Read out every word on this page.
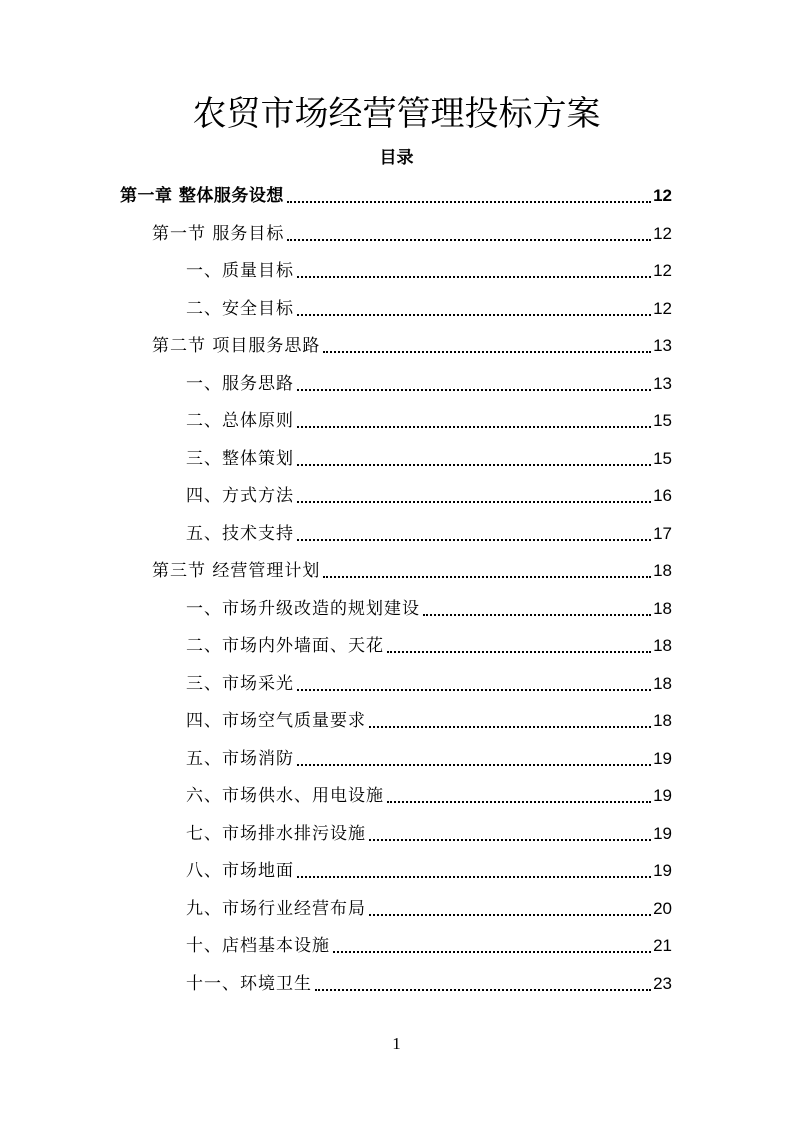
农贸市场经营管理投标方案
目录
第一章 整体服务设想	12
第一节 服务目标	12
一、质量目标	12
二、安全目标	12
第二节 项目服务思路	13
一、服务思路	13
二、总体原则	15
三、整体策划	15
四、方式方法	16
五、技术支持	17
第三节 经营管理计划	18
一、市场升级改造的规划建设	18
二、市场内外墙面、天花	18
三、市场采光	18
四、市场空气质量要求	18
五、市场消防	19
六、市场供水、用电设施	19
七、市场排水排污设施	19
八、市场地面	19
九、市场行业经营布局	20
十、店档基本设施	21
十一、环境卫生	23
1
